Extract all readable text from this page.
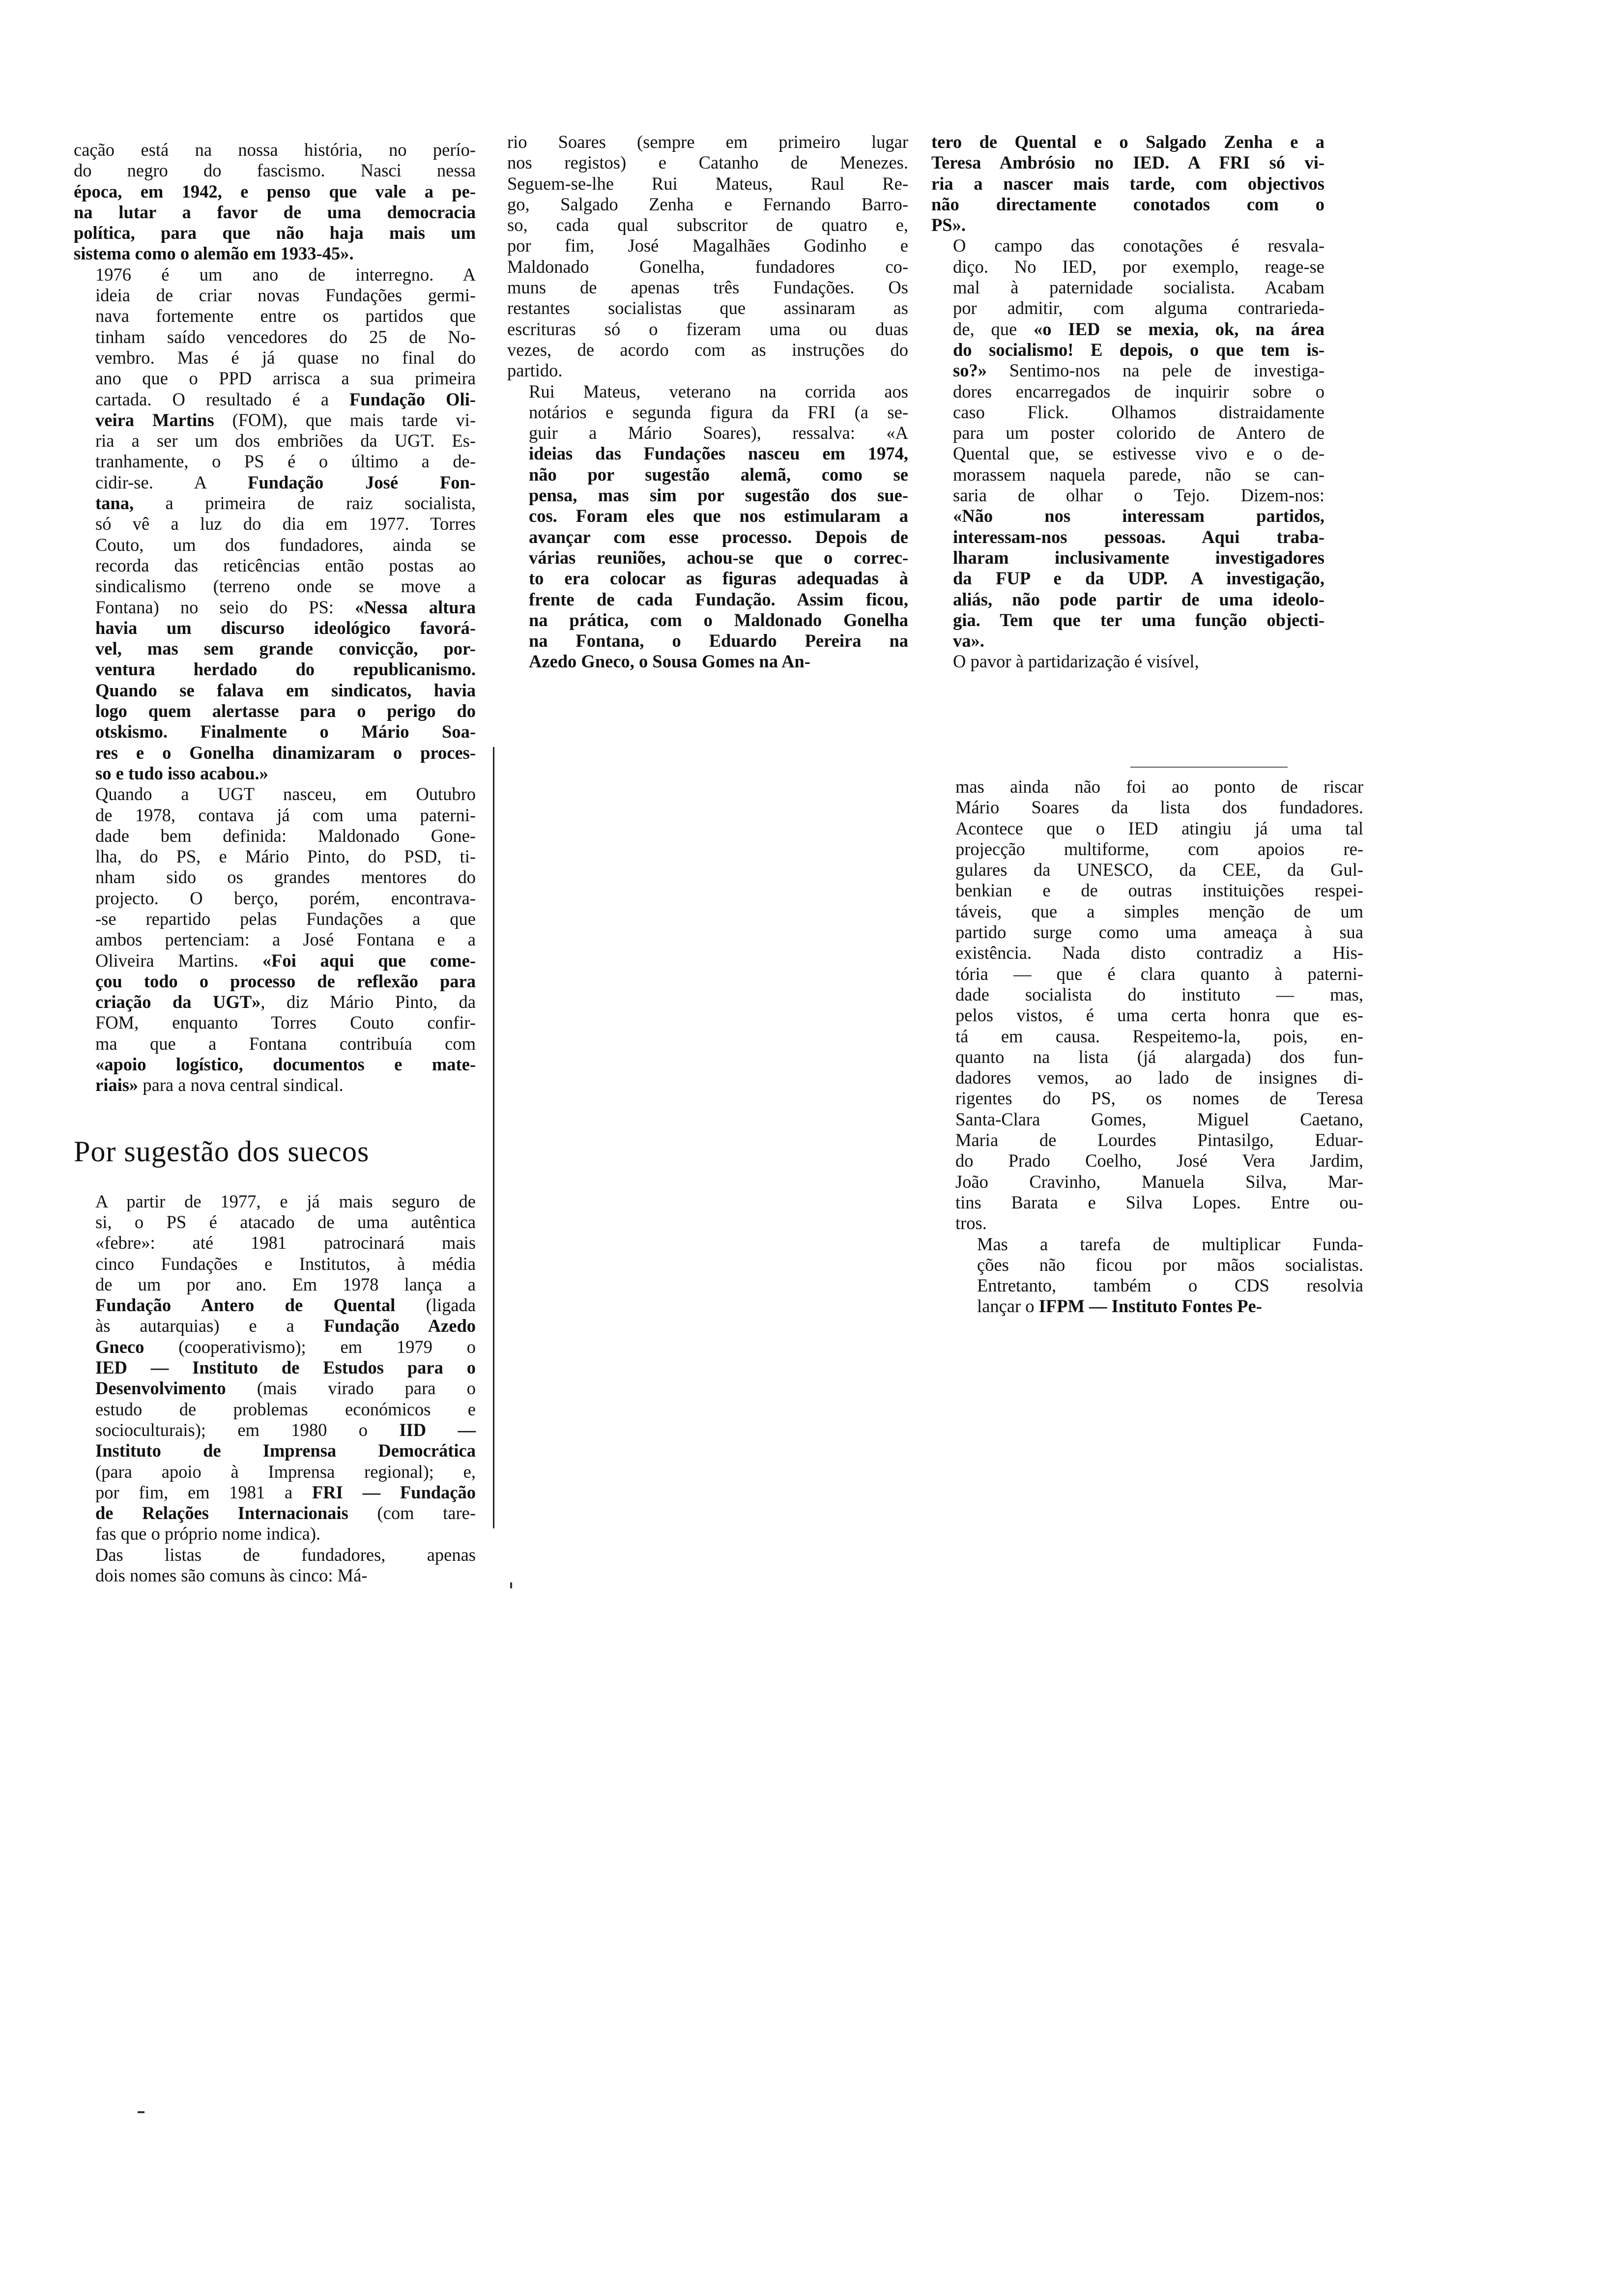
cação está na nossa história, no perío-
do negro do fascismo. Nasci nessa
época, em 1942, e penso que vale a pe-
na lutar a favor de uma democracia
política, para que não haja mais um
sistema como o alemão em 1933-45».

1976 é um ano de interregno. A
ideia de criar novas Fundações germi-
nava fortemente entre os partidos que
tinham saído vencedores do 25 de No-
vembro. Mas é já quase no final do
ano que o PPD arrisca a sua primeira
cartada. O resultado é a Fundação Oli-
veira Martins (FOM), que mais tarde vi-
ria a ser um dos embriões da UGT. Es-
tranhamente, o PS é o último a de-
cidir-se. A Fundação José Fon-
tana, a primeira de raiz socialista,
só vê a luz do dia em 1977. Torres
Couto, um dos fundadores, ainda se
recorda das reticências então postas ao
sindicalismo (terreno onde se move a
Fontana) no seio do PS: «Nessa altura
havia um discurso ideológico favorá-
vel, mas sem grande convicção, por-
ventura herdado do republicanismo.
Quando se falava em sindicatos, havia
logo quem alertasse para o perigo do
otskismo. Finalmente o Mário Soa-
res e o Gonelha dinamizaram o proces-
so e tudo isso acabou.»

Quando a UGT nasceu, em Outubro
de 1978, contava já com uma paterni-
dade bem definida: Maldonado Gone-
lha, do PS, e Mário Pinto, do PSD, ti-
nham sido os grandes mentores do
projecto. O berço, porém, encontrava-
-se repartido pelas Fundações a que
ambos pertenciam: a José Fontana e a
Oliveira Martins. «Foi aqui que come-
çou todo o processo de reflexão para
criação da UGT», diz Mário Pinto, da
FOM, enquanto Torres Couto confir-
ma que a Fontana contribuía com
«apoio logístico, documentos e mate-
riais» para a nova central sindical.

Por sugestão dos suecos

A partir de 1977, e já mais seguro de
si, o PS é atacado de uma autêntica
«febre»: até 1981 patrocinará mais
cinco Fundações e Institutos, à média
de um por ano. Em 1978 lança a
Fundação Antero de Quental (ligada
às autarquias) e a Fundação Azedo
Gneco (cooperativismo); em 1979 o
IED — Instituto de Estudos para o
Desenvolvimento (mais virado para o
estudo de problemas económicos e
socioculturais); em 1980 o IID —
Instituto de Imprensa Democrática
(para apoio à Imprensa regional); e,
por fim, em 1981 a FRI — Fundação
de Relações Internacionais (com tare-
fas que o próprio nome indica).

Das listas de fundadores, apenas
dois nomes são comuns às cinco: Má-

rio Soares (sempre em primeiro lugar
nos registos) e Catanho de Menezes.
Seguem-se-lhe Rui Mateus, Raul Re-
go, Salgado Zenha e Fernando Barro-
so, cada qual subscritor de quatro e,
por fim, José Magalhães Godinho e
Maldonado Gonelha, fundadores co-
muns de apenas três Fundações. Os
restantes socialistas que assinaram as
escrituras só o fizeram uma ou duas
vezes, de acordo com as instruções do
partido.

Rui Mateus, veterano na corrida aos
notários e segunda figura da FRI (a se-
guir a Mário Soares), ressalva: «A
ideias das Fundações nasceu em 1974,
não por sugestão alemã, como se
pensa, mas sim por sugestão dos sue-
cos. Foram eles que nos estimularam a
avançar com esse processo. Depois de
várias reuniões, achou-se que o correc-
to era colocar as figuras adequadas à
frente de cada Fundação. Assim ficou,
na prática, com o Maldonado Gonelha
na Fontana, o Eduardo Pereira na
Azedo Gneco, o Sousa Gomes na An-

tero de Quental e o Salgado Zenha e a
Teresa Ambrósio no IED. A FRI só vi-
ria a nascer mais tarde, com objectivos
não directamente conotados com o
PS».

O campo das conotações é resvala-
diço. No IED, por exemplo, reage-se
mal à paternidade socialista. Acabam
por admitir, com alguma contrarieda-
de, que «o IED se mexia, ok, na área
do socialismo! E depois, o que tem is-
so?» Sentimo-nos na pele de investiga-
dores encarregados de inquirir sobre o
caso Flick. Olhamos distraidamente
para um poster colorido de Antero de
Quental que, se estivesse vivo e o de-
morassem naquela parede, não se can-
saria de olhar o Tejo. Dizem-nos:
«Não nos interessam partidos,
interessam-nos pessoas. Aqui traba-
lharam inclusivamente investigadores
da FUP e da UDP. A investigação,
aliás, não pode partir de uma ideolo-
gia. Tem que ter uma função objecti-
va».

O pavor à partidarização é visível,

mas ainda não foi ao ponto de riscar
Mário Soares da lista dos fundadores.
Acontece que o IED atingiu já uma tal
projecção multiforme, com apoios re-
gulares da UNESCO, da CEE, da Gul-
benkian e de outras instituições respei-
táveis, que a simples menção de um
partido surge como uma ameaça à sua
existência. Nada disto contradiz a His-
tória — que é clara quanto à paterni-
dade socialista do instituto — mas,
pelos vistos, é uma certa honra que es-
tá em causa. Respeitemo-la, pois, en-
quanto na lista (já alargada) dos fun-
dadores vemos, ao lado de insignes di-
rigentes do PS, os nomes de Teresa
Santa-Clara Gomes, Miguel Caetano,
Maria de Lourdes Pintasilgo, Eduar-
do Prado Coelho, José Vera Jardim,
João Cravinho, Manuela Silva, Mar-
tins Barata e Silva Lopes. Entre ou-
tros.

Mas a tarefa de multiplicar Funda-
ções não ficou por mãos socialistas.
Entretanto, também o CDS resolvia
lançar o IFPM — Instituto Fontes Pe-
